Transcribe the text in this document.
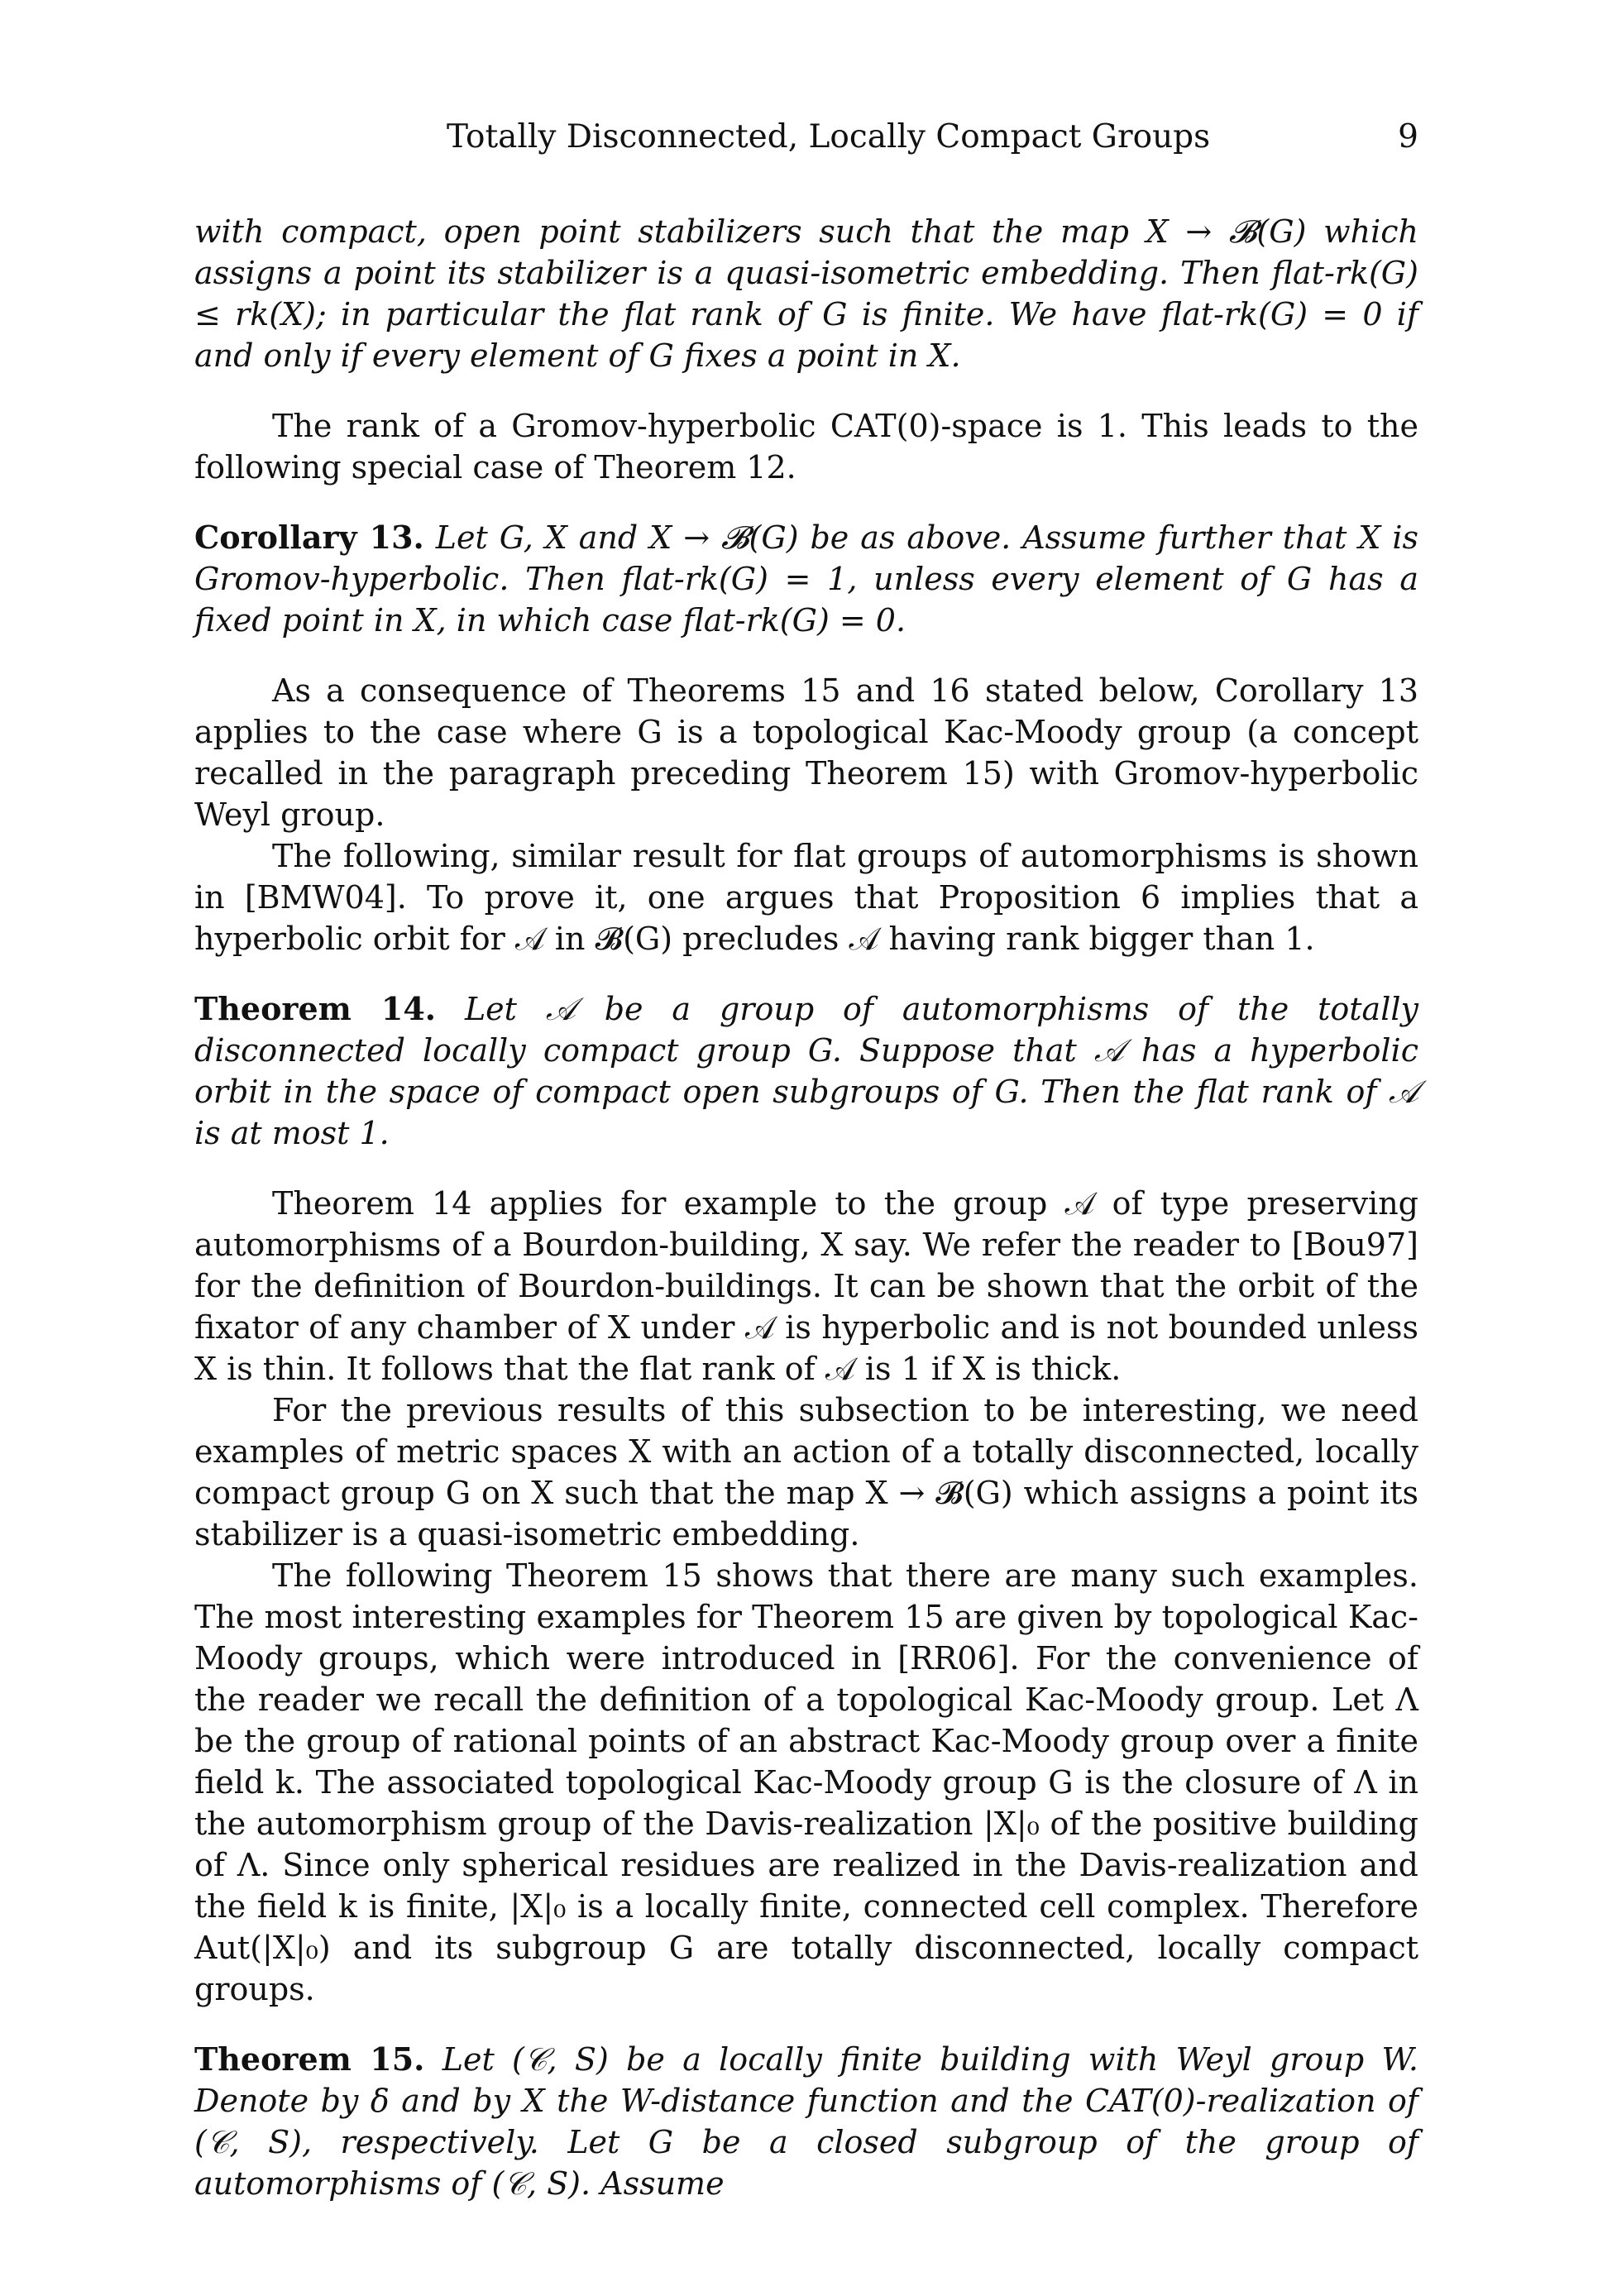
Totally Disconnected, Locally Compact Groups	9

with compact, open point stabilizers such that the map X → 𝓑(G) which assigns a point its stabilizer is a quasi-isometric embedding. Then flat-rk(G) ≤ rk(X); in particular the flat rank of G is finite. We have flat-rk(G) = 0 if and only if every element of G fixes a point in X.

The rank of a Gromov-hyperbolic CAT(0)-space is 1. This leads to the following special case of Theorem 12.

Corollary 13. Let G, X and X → 𝓑(G) be as above. Assume further that X is Gromov-hyperbolic. Then flat-rk(G) = 1, unless every element of G has a fixed point in X, in which case flat-rk(G) = 0.

As a consequence of Theorems 15 and 16 stated below, Corollary 13 applies to the case where G is a topological Kac-Moody group (a concept recalled in the paragraph preceding Theorem 15) with Gromov-hyperbolic Weyl group.

The following, similar result for flat groups of automorphisms is shown in [BMW04]. To prove it, one argues that Proposition 6 implies that a hyperbolic orbit for 𝒜 in 𝓑(G) precludes 𝒜 having rank bigger than 1.

Theorem 14. Let 𝒜 be a group of automorphisms of the totally disconnected locally compact group G. Suppose that 𝒜 has a hyperbolic orbit in the space of compact open subgroups of G. Then the flat rank of 𝒜 is at most 1.

Theorem 14 applies for example to the group 𝒜 of type preserving automorphisms of a Bourdon-building, X say. We refer the reader to [Bou97] for the definition of Bourdon-buildings. It can be shown that the orbit of the fixator of any chamber of X under 𝒜 is hyperbolic and is not bounded unless X is thin. It follows that the flat rank of 𝒜 is 1 if X is thick.

For the previous results of this subsection to be interesting, we need examples of metric spaces X with an action of a totally disconnected, locally compact group G on X such that the map X → 𝓑(G) which assigns a point its stabilizer is a quasi-isometric embedding.

The following Theorem 15 shows that there are many such examples. The most interesting examples for Theorem 15 are given by topological Kac-Moody groups, which were introduced in [RR06]. For the convenience of the reader we recall the definition of a topological Kac-Moody group. Let Λ be the group of rational points of an abstract Kac-Moody group over a finite field k. The associated topological Kac-Moody group G is the closure of Λ in the automorphism group of the Davis-realization |X|₀ of the positive building of Λ. Since only spherical residues are realized in the Davis-realization and the field k is finite, |X|₀ is a locally finite, connected cell complex. Therefore Aut(|X|₀) and its subgroup G are totally disconnected, locally compact groups.

Theorem 15. Let (𝒞, S) be a locally finite building with Weyl group W. Denote by δ and by X the W-distance function and the CAT(0)-realization of (𝒞, S), respectively. Let G be a closed subgroup of the group of automorphisms of (𝒞, S). Assume
